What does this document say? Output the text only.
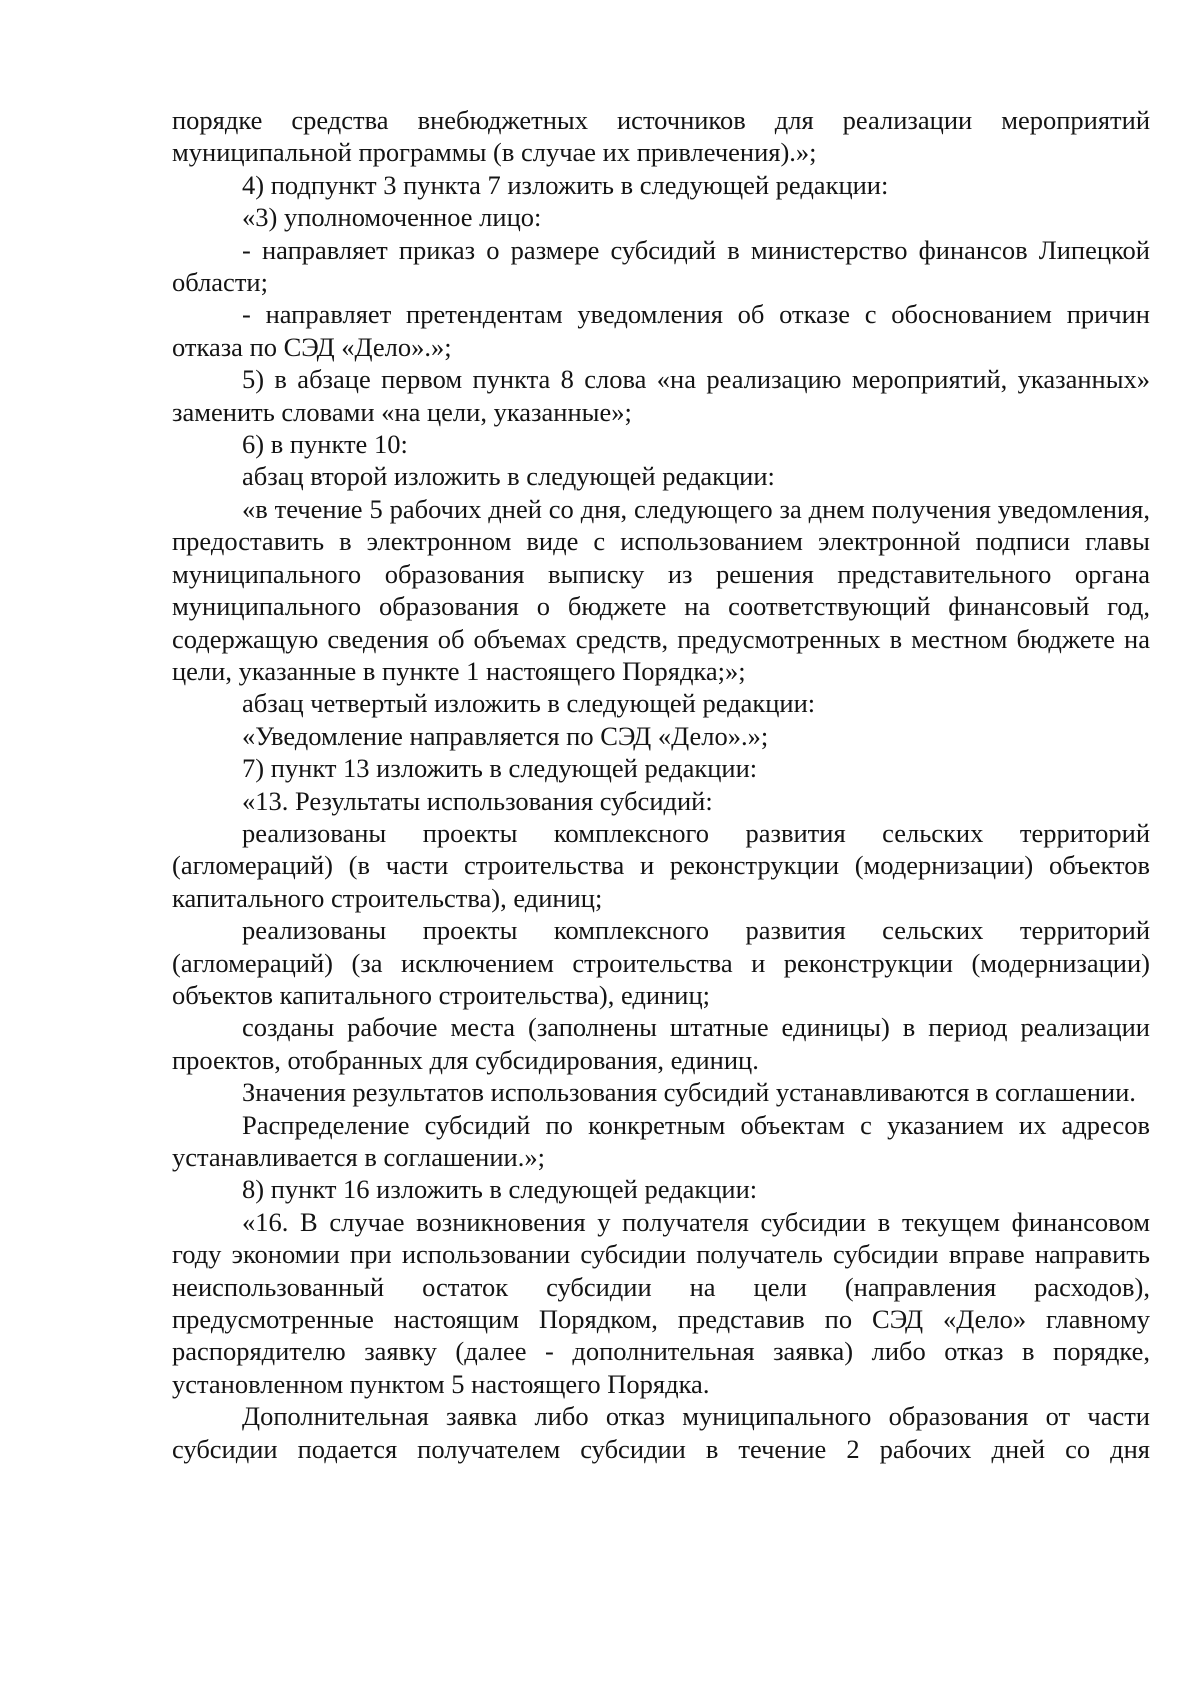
порядке средства внебюджетных источников для реализации мероприятий муниципальной программы (в случае их привлечения).»;

4) подпункт 3 пункта 7 изложить в следующей редакции:

«3) уполномоченное лицо:

- направляет приказ о размере субсидий в министерство финансов Липецкой области;

- направляет претендентам уведомления об отказе с обоснованием причин отказа по СЭД «Дело».»;

5) в абзаце первом пункта 8 слова «на реализацию мероприятий, указанных» заменить словами «на цели, указанные»;

6) в пункте 10:

абзац второй изложить в следующей редакции:

«в течение 5 рабочих дней со дня, следующего за днем получения уведомления, предоставить в электронном виде с использованием электронной подписи главы муниципального образования выписку из решения представительного органа муниципального образования о бюджете на соответствующий финансовый год, содержащую сведения об объемах средств, предусмотренных в местном бюджете на цели, указанные в пункте 1 настоящего Порядка;»;

абзац четвертый изложить в следующей редакции:

«Уведомление направляется по СЭД «Дело».»;

7) пункт 13 изложить в следующей редакции:

«13. Результаты использования субсидий:

реализованы проекты комплексного развития сельских территорий (агломераций) (в части строительства и реконструкции (модернизации) объектов капитального строительства), единиц;

реализованы проекты комплексного развития сельских территорий (агломераций) (за исключением строительства и реконструкции (модернизации) объектов капитального строительства), единиц;

созданы рабочие места (заполнены штатные единицы) в период реализации проектов, отобранных для субсидирования, единиц.

Значения результатов использования субсидий устанавливаются в соглашении.

Распределение субсидий по конкретным объектам с указанием их адресов устанавливается в соглашении.»;

8) пункт 16 изложить в следующей редакции:

«16. В случае возникновения у получателя субсидии в текущем финансовом году экономии при использовании субсидии получатель субсидии вправе направить неиспользованный остаток субсидии на цели (направления расходов), предусмотренные настоящим Порядком, представив по СЭД «Дело» главному распорядителю заявку (далее - дополнительная заявка) либо отказ в порядке, установленном пунктом 5 настоящего Порядка.

Дополнительная заявка либо отказ муниципального образования от части субсидии подается получателем субсидии в течение 2 рабочих дней со дня
